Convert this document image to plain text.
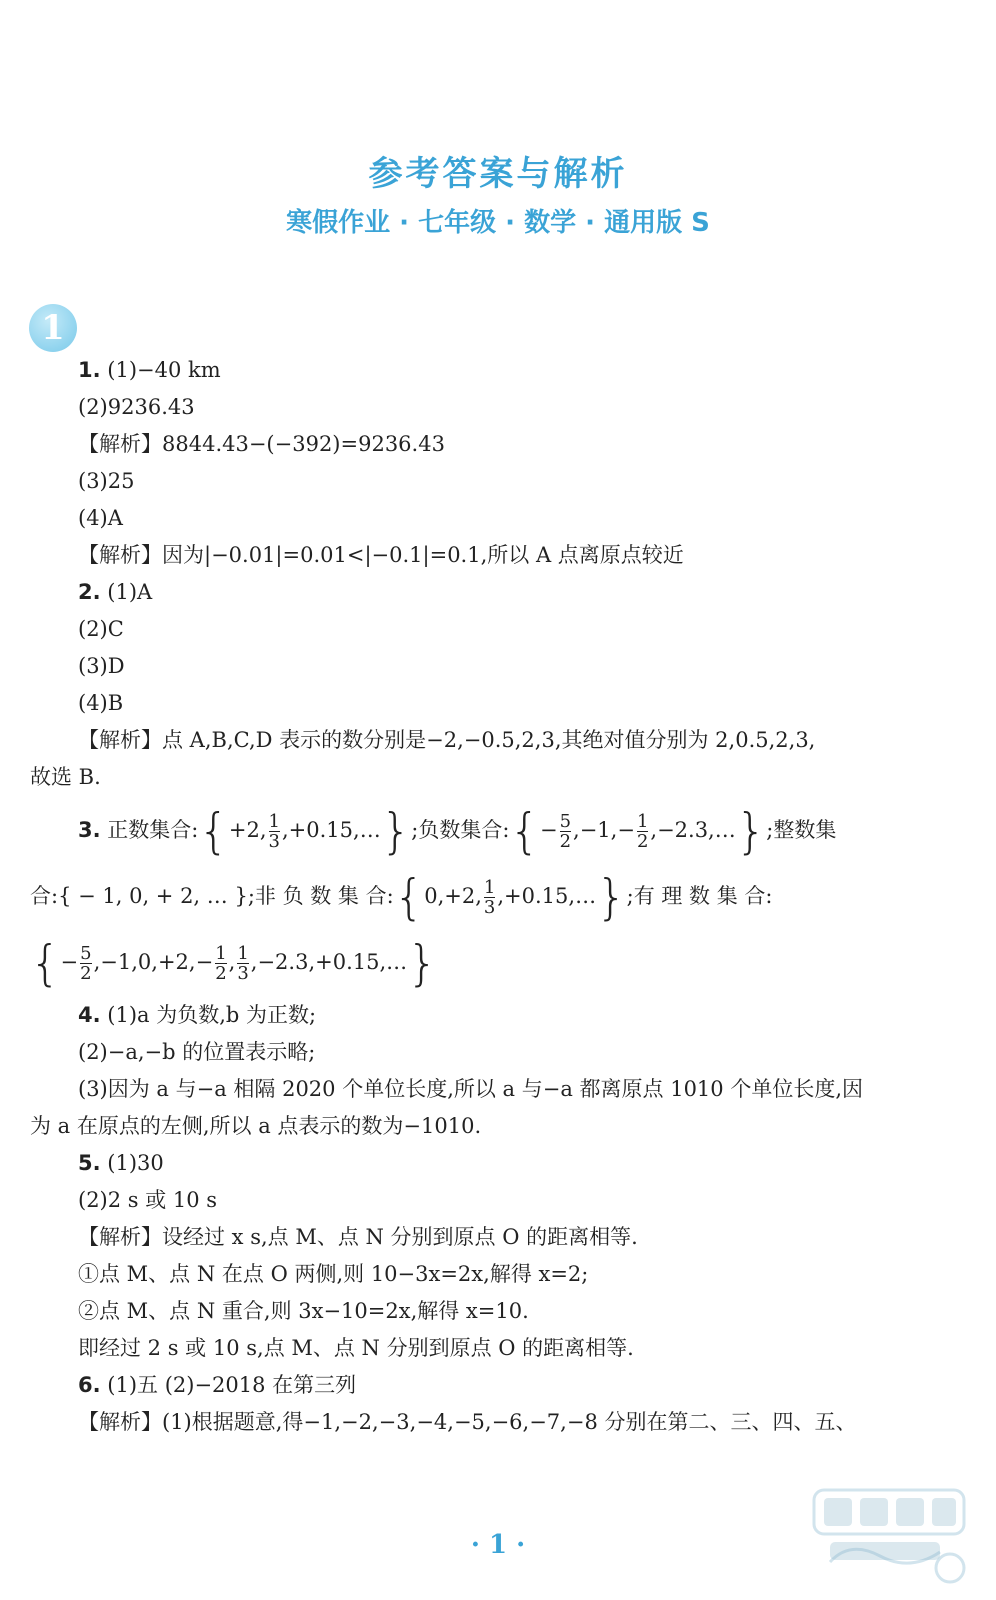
参考答案与解析
寒假作业 · 七年级 · 数学 · 通用版 S
1
1. (1)−40 km
(2)9236.43
【解析】8844.43−(−392)=9236.43
(3)25
(4)A
【解析】因为|−0.01|=0.01<|−0.1|=0.1,所以 A 点离原点较近
2. (1)A
(2)C
(3)D
(4)B
【解析】点 A,B,C,D 表示的数分别是−2,−0.5,2,3,其绝对值分别为 2,0.5,2,3,
故选 B.
3. 正数集合:{+2, $\frac{1}{3}$ ,+0.15,…};负数集合:{− $\frac{5}{2} ,-1,- \frac{1}{2}$ ,−2.3,…};整数集
合:{ − 1, 0, + 2, … };非 负 数 集 合:{0,+2, $\frac{1}{3}$ ,+0.15,…};有 理 数 集 合:
{− $\frac{5}{2} ,-1,0,+2,- \frac{1}{2}$ , $\frac{1}{3}$ ,−2.3,+0.15,…}
4. (1)a 为负数,b 为正数;
(2)−a,−b 的位置表示略;
(3)因为 a 与−a 相隔 2020 个单位长度,所以 a 与−a 都离原点 1010 个单位长度,因
为 a 在原点的左侧,所以 a 点表示的数为−1010.
5. (1)30
(2)2 s 或 10 s
【解析】设经过 x s,点 M、点 N 分别到原点 O 的距离相等.
①点 M、点 N 在点 O 两侧,则 10−3x=2x,解得 x=2;
②点 M、点 N 重合,则 3x−10=2x,解得 x=10.
即经过 2 s 或 10 s,点 M、点 N 分别到原点 O 的距离相等.
6. (1)五 (2)−2018 在第三列
【解析】(1)根据题意,得−1,−2,−3,−4,−5,−6,−7,−8 分别在第二、三、四、五、
· 1 ·
